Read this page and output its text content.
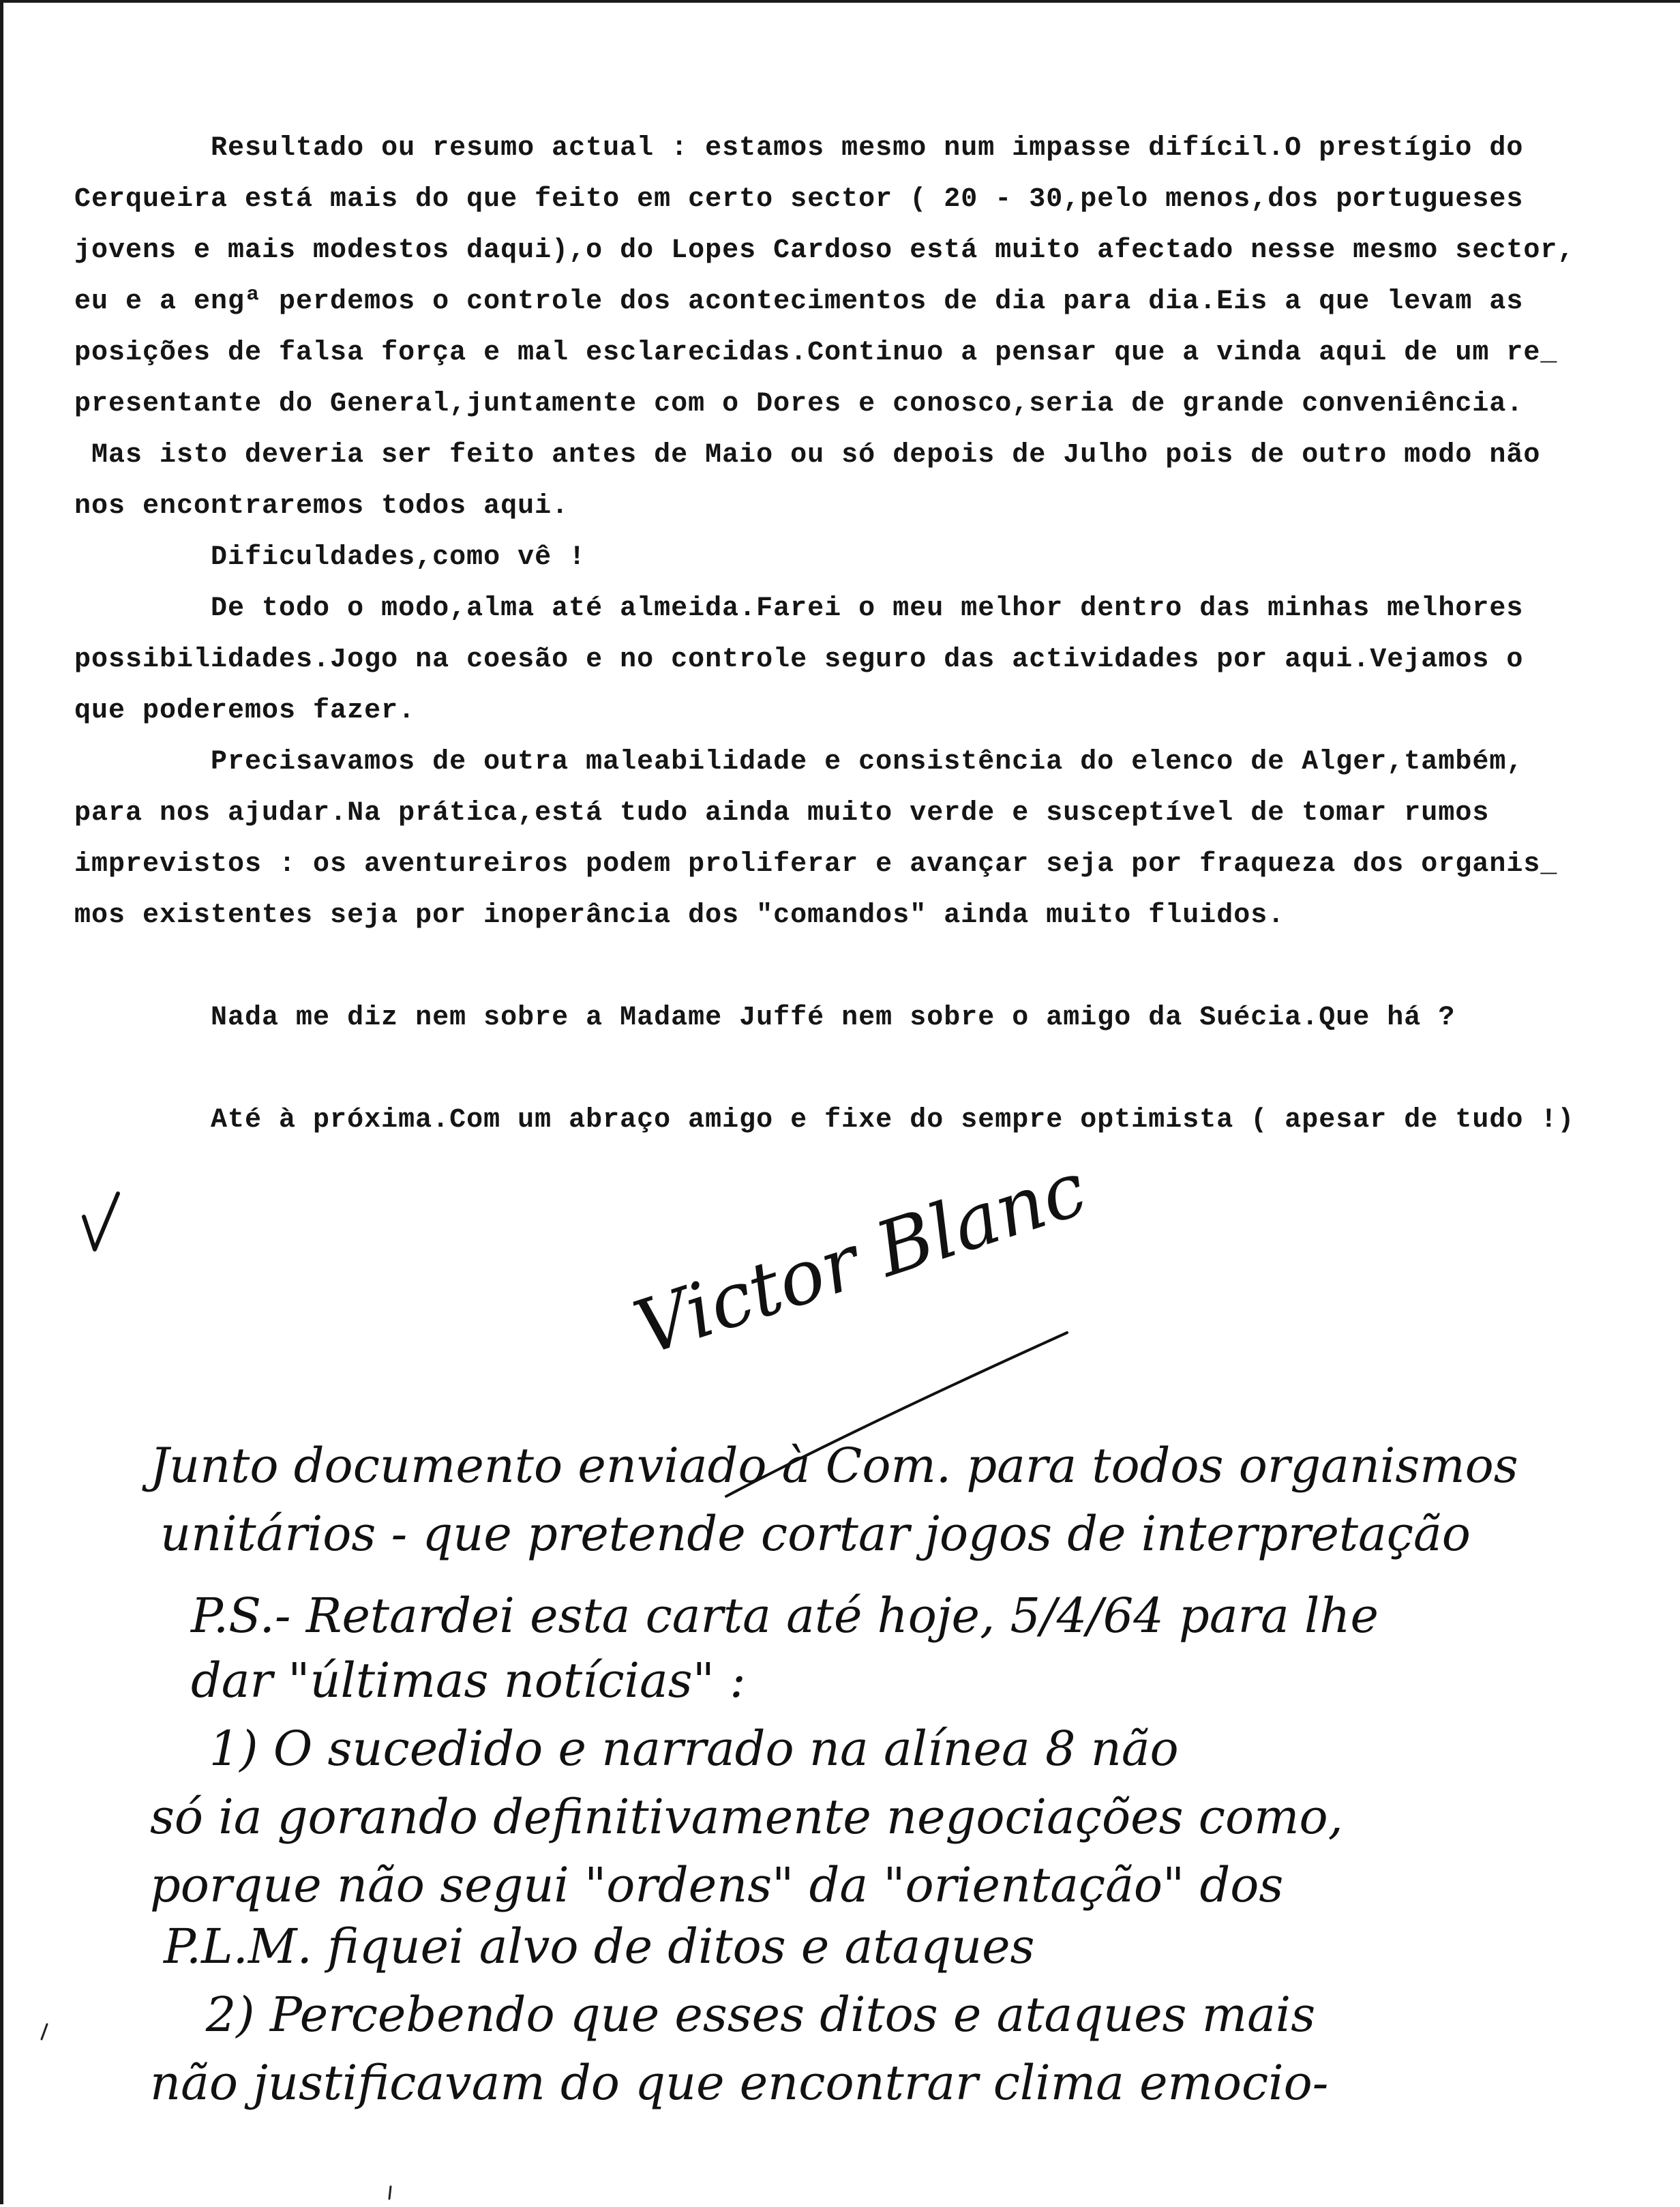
Resultado ou resumo actual : estamos mesmo num impasse difícil.O prestígio do
Cerqueira está mais do que feito em certo sector ( 20 - 30,pelo menos,dos portugueses
jovens e mais modestos daqui),o do Lopes Cardoso está muito afectado nesse mesmo sector,
eu e a engª perdemos o controle dos acontecimentos de dia para dia.Eis a que levam as
posições de falsa força e mal esclarecidas.Continuo a pensar que a vinda aqui de um re_
presentante do General,juntamente com o Dores e conosco,seria de grande conveniência.
Mas isto deveria ser feito antes de Maio ou só depois de Julho pois de outro modo não
nos encontraremos todos aqui.
Dificuldades,como vê !
De todo o modo,alma até almeida.Farei o meu melhor dentro das minhas melhores
possibilidades.Jogo na coesão e no controle seguro das actividades por aqui.Vejamos o
que poderemos fazer.
Precisavamos de outra maleabilidade e consistência do elenco de Alger,também,
para nos ajudar.Na prática,está tudo ainda muito verde e susceptível de tomar rumos
imprevistos : os aventureiros podem proliferar e avançar seja por fraqueza dos organis_
mos existentes seja por inoperância dos "comandos" ainda muito fluidos.
Nada me diz nem sobre a Madame Juffé nem sobre o amigo da Suécia.Que há ?
Até à próxima.Com um abraço amigo e fixe do sempre optimista ( apesar de tudo !)
Victor Blanc
Junto documento enviado à Com. para todos organismos
unitários - que pretende cortar jogos de interpretação
P.S.- Retardei esta carta até hoje, 5/4/64 para lhe
dar "últimas notícias" :
1) O sucedido e narrado na alínea 8 não
só ia gorando definitivamente negociações como,
porque não segui "ordens" da "orientação" dos
P.L.M. fiquei alvo de ditos e ataques
2) Percebendo que esses ditos e ataques mais
não justificavam do que encontrar clima emocio-
